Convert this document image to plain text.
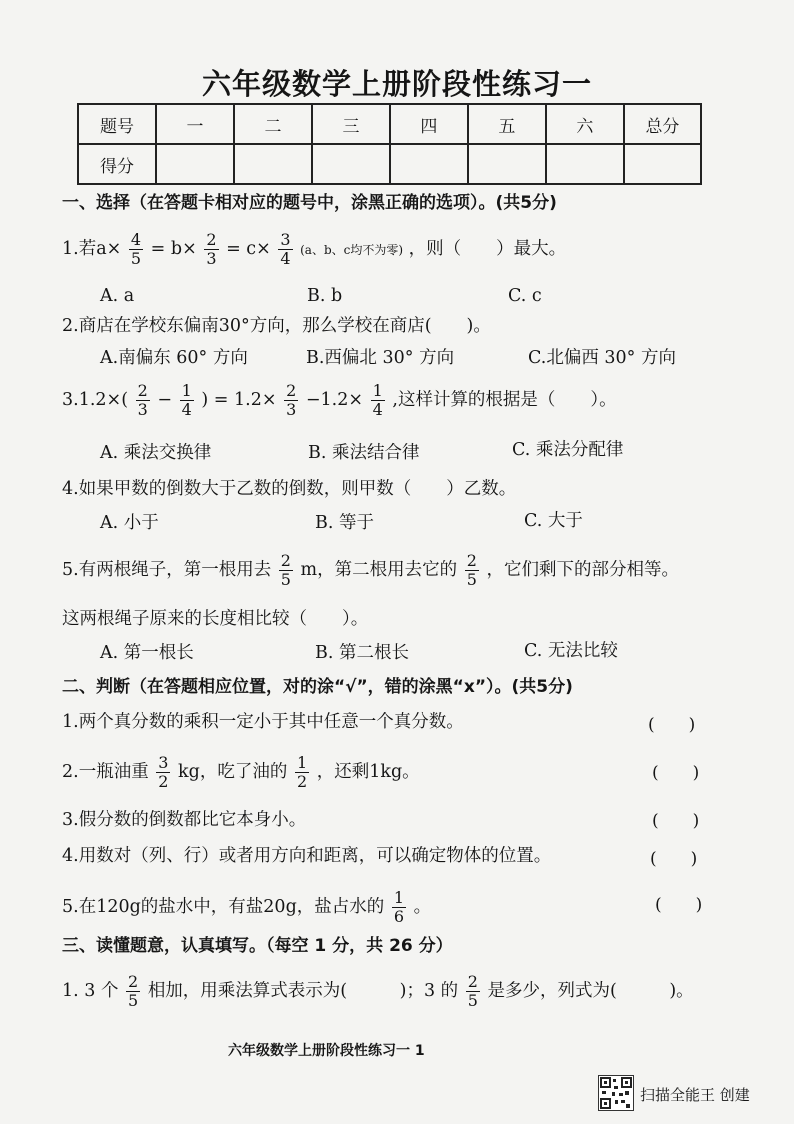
六年级数学上册阶段性练习一
题号	一	二	三	四	五	六	总分
得分							
一、选择（在答题卡相对应的题号中，涂黑正确的选项）。(共5分)
1.若$a\times \frac{4}{5} = b\times \frac{2}{3} = c\times \frac{3}{4} (a$、b、c均不为零) ，则（　　）最大。
A. a	B. b	C. c
2.商店在学校东偏南30°方向，那么学校在商店(　　)。
A.南偏东 60° 方向	B.西偏北 30° 方向	C.北偏西 30° 方向
$3.1.2\times( \frac{2}{3} - \frac{1}{4}$ ) = $1.2\times \frac{2}{3} -1.2\times \frac{1}{4}$ ,这样计算的根据是（　　）。
A. 乘法交换律	B. 乘法结合律	C. 乘法分配律
4.如果甲数的倒数大于乙数的倒数，则甲数（　　）乙数。
A. 小于	B. 等于	C. 大于
5.有两根绳子，第一根用去 $\frac{2}{5}$ m，第二根用去它的 $\frac{2}{5}$ ，它们剩下的部分相等。
这两根绳子原来的长度相比较（　　）。
A. 第一根长	B. 第二根长	C. 无法比较
二、判断（在答题相应位置，对的涂“√”，错的涂黑“x”）。(共5分)
1.两个真分数的乘积一定小于其中任意一个真分数。	(　　)
2.一瓶油重 $\frac{3}{2}$ kg，吃了油的 $\frac{1}{2}$ ，还剩1kg。	(　　)
3.假分数的倒数都比它本身小。	(　　)
4.用数对（列、行）或者用方向和距离，可以确定物体的位置。	(　　)
5.在120g的盐水中，有盐20g，盐占水的 $\frac{1}{6}$ 。	(　　)
三、读懂题意，认真填写。（每空 1 分，共 26 分）
1. 3 个 $\frac{2}{5}$ 相加，用乘法算式表示为(　　　)；3 的 $\frac{2}{5}$ 是多少，列式为(　　　)。
六年级数学上册阶段性练习一 1
扫描全能王 创建
